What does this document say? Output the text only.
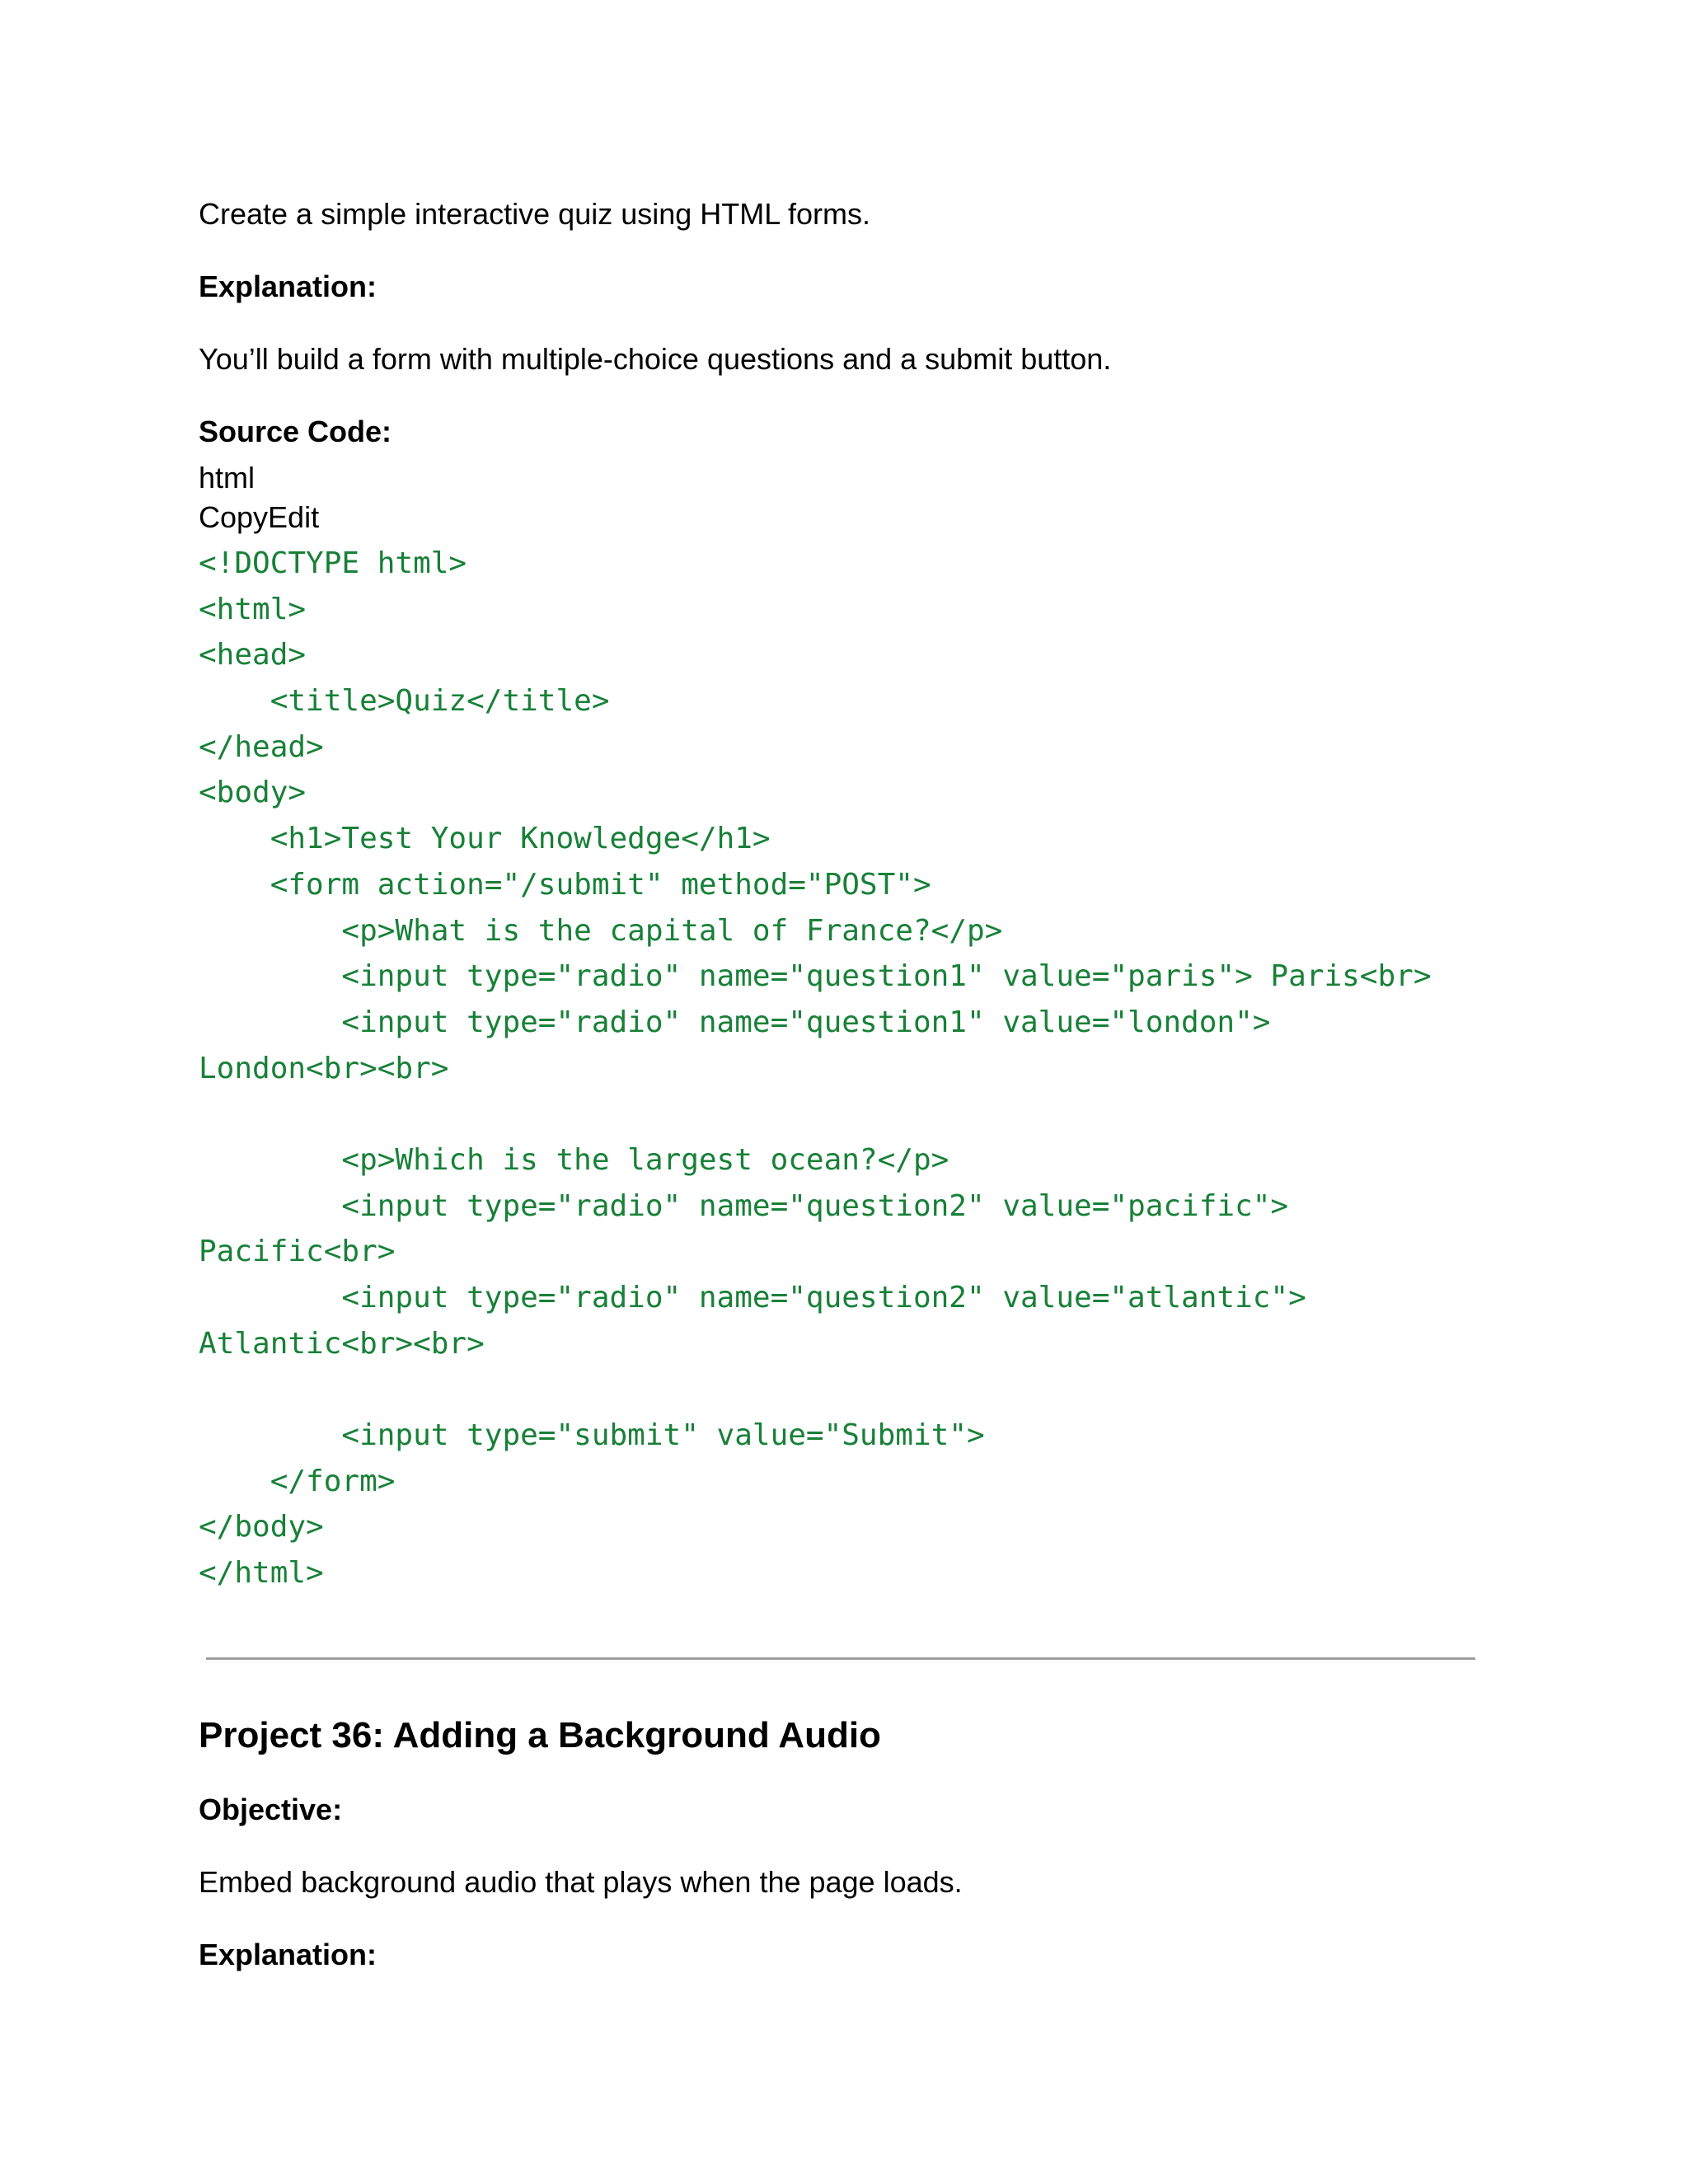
Create a simple interactive quiz using HTML forms.

Explanation:

You’ll build a form with multiple-choice questions and a submit button.

Source Code:

html

CopyEdit

<!DOCTYPE html>
<html>
<head>
<title>Quiz</title>
</head>
<body>
<h1>Test Your Knowledge</h1>
<form action="/submit" method="POST">
<p>What is the capital of France?</p>
<input type="radio" name="question1" value="paris"> Paris<br>
<input type="radio" name="question1" value="london">
London<br><br>
<p>Which is the largest ocean?</p>
<input type="radio" name="question2" value="pacific">
Pacific<br>
<input type="radio" name="question2" value="atlantic">
Atlantic<br><br>
<input type="submit" value="Submit">
</form>
</body>
</html>
Project 36: Adding a Background Audio

Objective:

Embed background audio that plays when the page loads.

Explanation:
